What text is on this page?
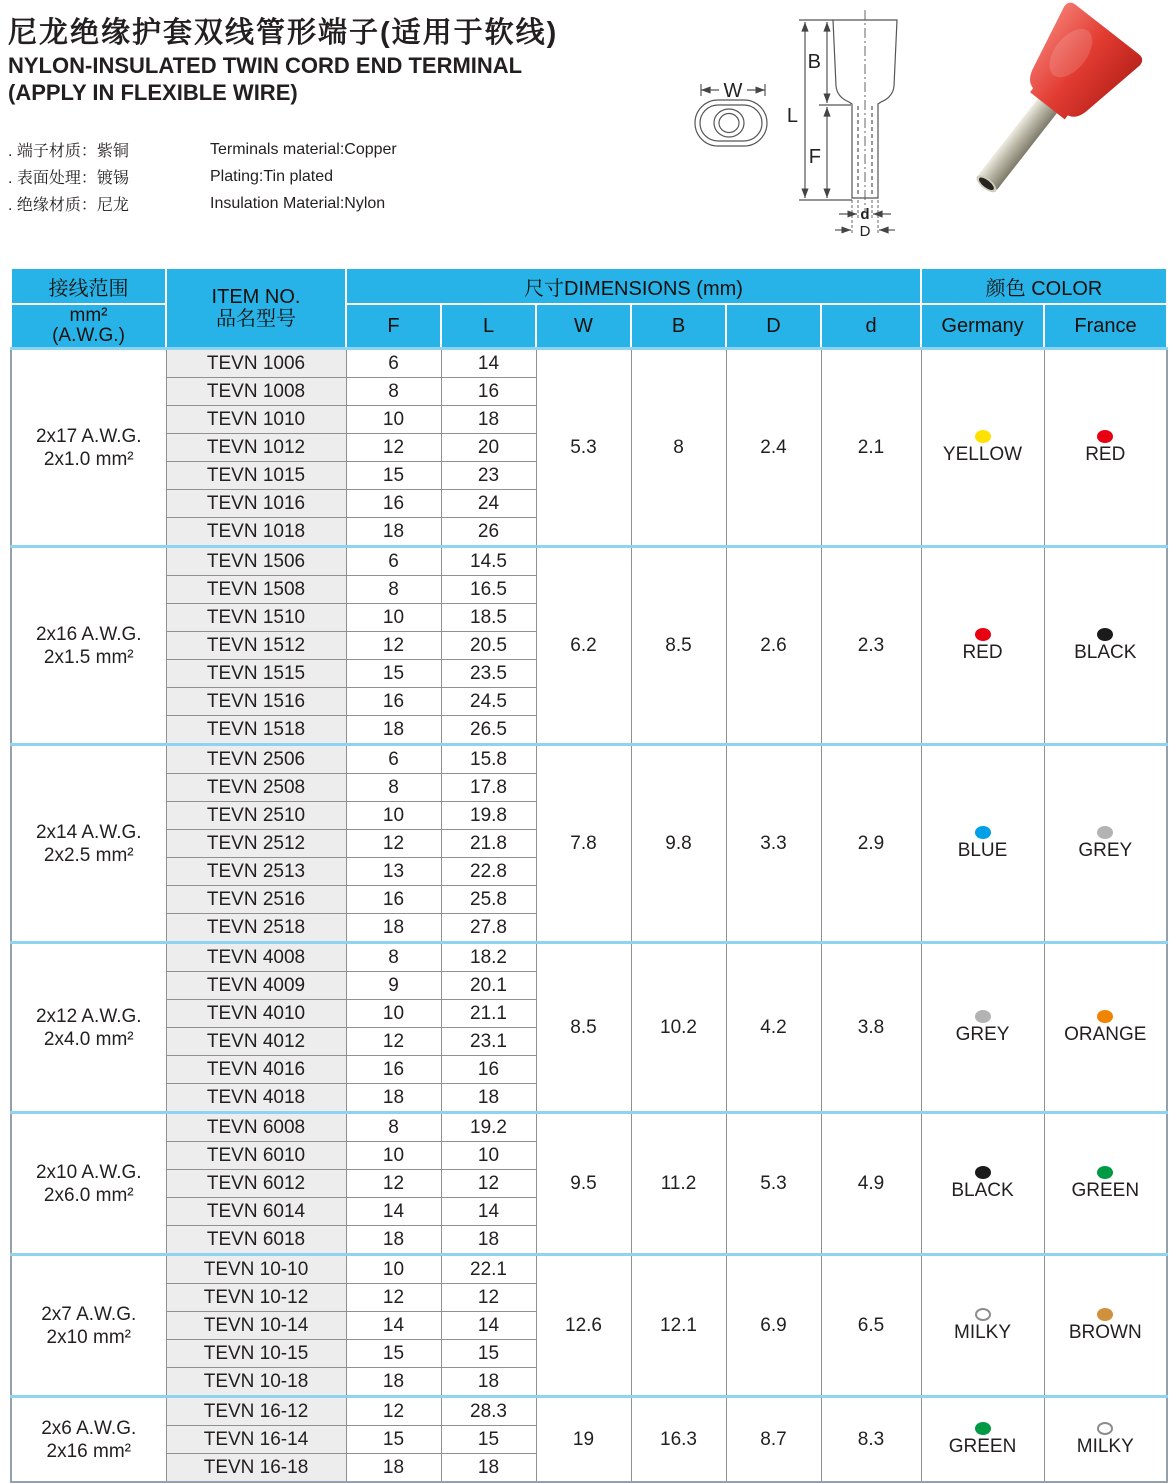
尼龙绝缘护套双线管形端子(适用于软线)
NYLON-INSULATED TWIN CORD END TERMINAL
(APPLY IN FLEXIBLE WIRE)
. 端子材质：紫铜	Terminals material:Copper
. 表面处理：镀锡	Plating:Tin plated
. 绝缘材质：尼龙	Insulation Material:Nylon
W
L
B
F
d
D
接线范围	ITEM NO.
品名型号	尺寸DIMENSIONS (mm)						颜色 COLOR	

mm²
(A.W.G.)		F	L	W	B	D	d	Germany	France

2x17 A.W.G.
2x1.0 mm²	TEVN 1006	6	14	5.3	8	2.4	2.1	YELLOW	RED

	TEVN 1008	8	16						
	TEVN 1010	10	18						
	TEVN 1012	12	20						
	TEVN 1015	15	23						
	TEVN 1016	16	24						
	TEVN 1018	18	26						

2x16 A.W.G.
2x1.5 mm²	TEVN 1506	6	14.5	6.2	8.5	2.6	2.3	RED	BLACK

	TEVN 1508	8	16.5						
	TEVN 1510	10	18.5						
	TEVN 1512	12	20.5						
	TEVN 1515	15	23.5						
	TEVN 1516	16	24.5						
	TEVN 1518	18	26.5						

2x14 A.W.G.
2x2.5 mm²	TEVN 2506	6	15.8	7.8	9.8	3.3	2.9	BLUE	GREY

	TEVN 2508	8	17.8						
	TEVN 2510	10	19.8						
	TEVN 2512	12	21.8						
	TEVN 2513	13	22.8						
	TEVN 2516	16	25.8						
	TEVN 2518	18	27.8						

2x12 A.W.G.
2x4.0 mm²	TEVN 4008	8	18.2	8.5	10.2	4.2	3.8	GREY	ORANGE

	TEVN 4009	9	20.1						
	TEVN 4010	10	21.1						
	TEVN 4012	12	23.1						
	TEVN 4016	16	16						
	TEVN 4018	18	18						

2x10 A.W.G.
2x6.0 mm²	TEVN 6008	8	19.2	9.5	11.2	5.3	4.9	BLACK	GREEN

	TEVN 6010	10	10						
	TEVN 6012	12	12						
	TEVN 6014	14	14						
	TEVN 6018	18	18						

2x7 A.W.G.
2x10 mm²	TEVN 10-10	10	22.1	12.6	12.1	6.9	6.5	MILKY	BROWN

	TEVN 10-12	12	12						
	TEVN 10-14	14	14						
	TEVN 10-15	15	15						
	TEVN 10-18	18	18						

2x6 A.W.G.
2x16 mm²	TEVN 16-12	12	28.3	19	16.3	8.7	8.3	GREEN	MILKY

	TEVN 16-14	15	15						
	TEVN 16-18	18	18						
